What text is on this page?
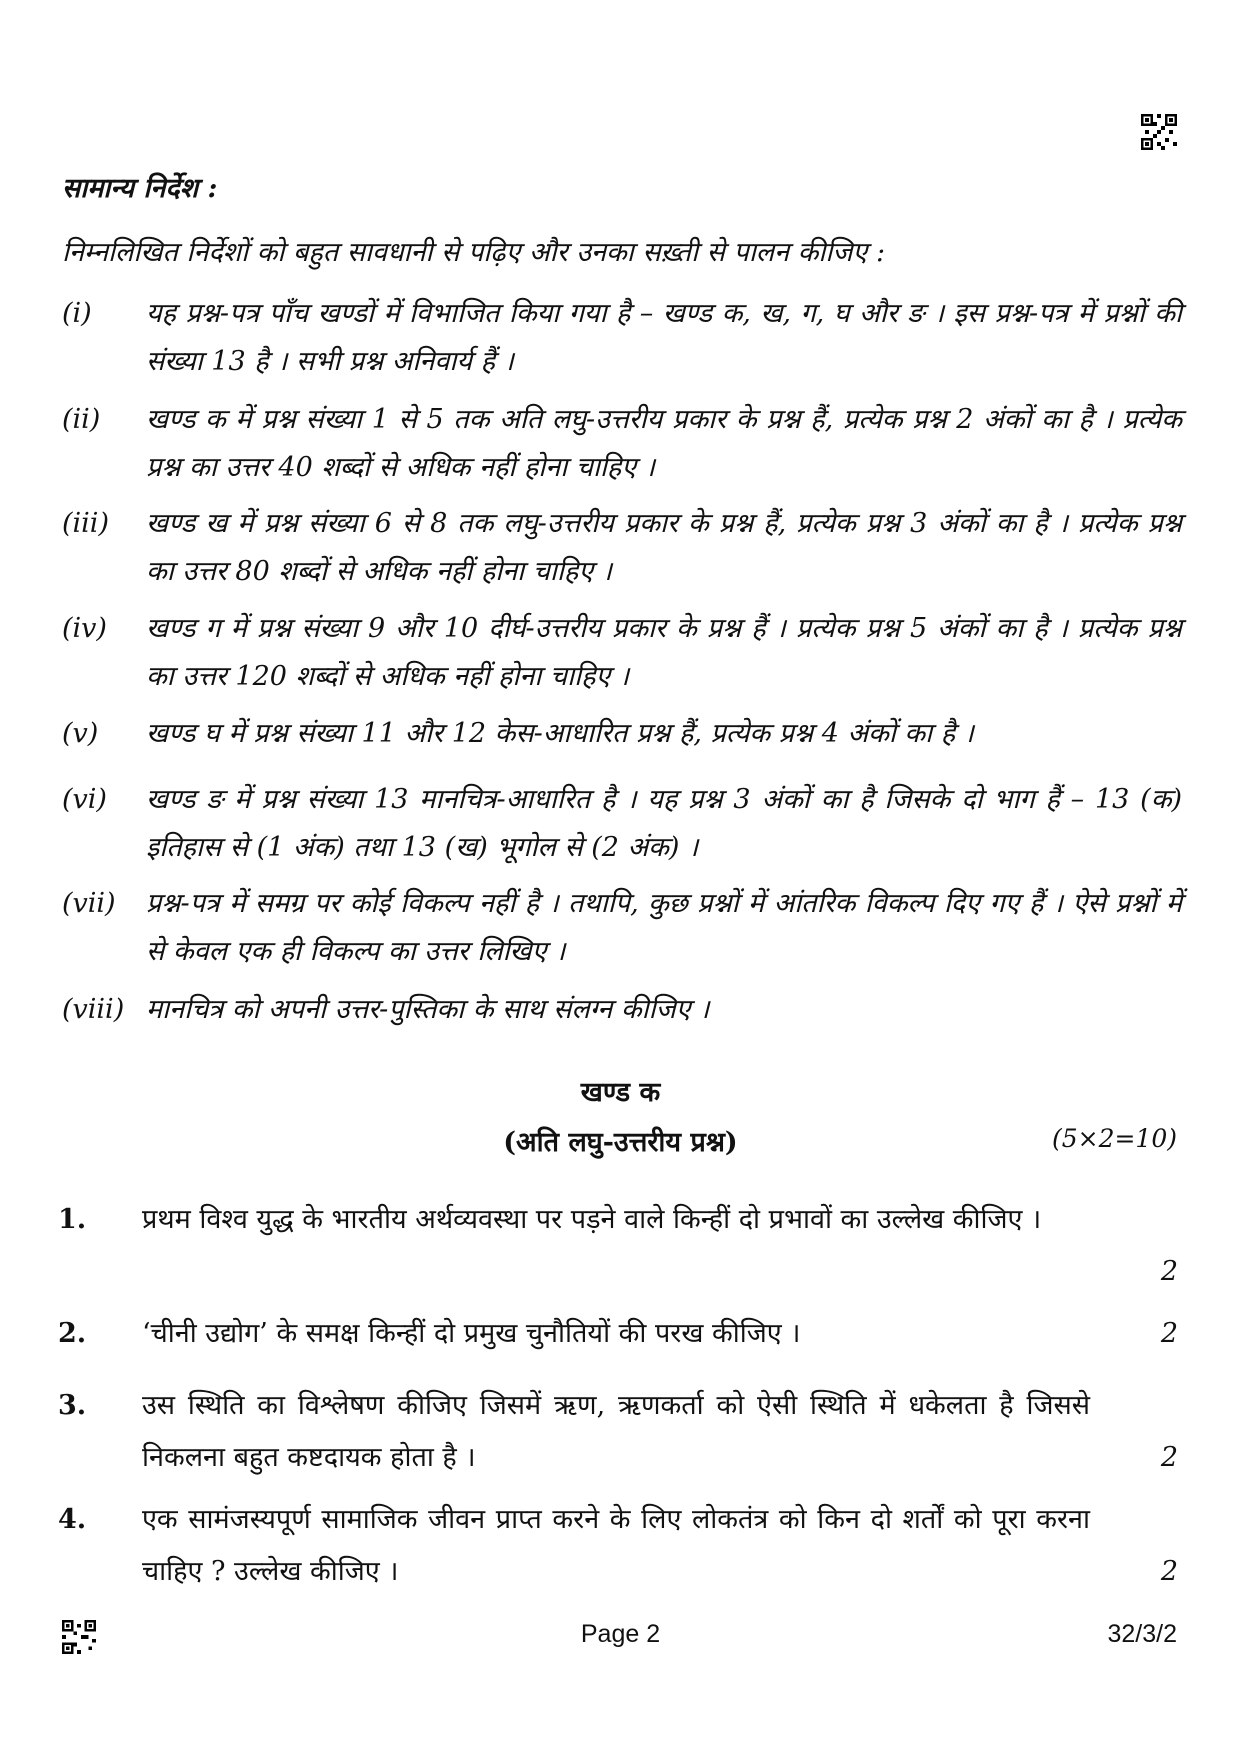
सामान्य निर्देश :
निम्नलिखित निर्देशों को बहुत सावधानी से पढ़िए और उनका सख़्ती से पालन कीजिए :
(i)	यह प्रश्न-पत्र पाँच खण्डों में विभाजित किया गया है – खण्ड क, ख, ग, घ और ङ । इस प्रश्न-पत्र में प्रश्नों की संख्या 13 है । सभी प्रश्न अनिवार्य हैं ।
(ii)	खण्ड क में प्रश्न संख्या 1 से 5 तक अति लघु-उत्तरीय प्रकार के प्रश्न हैं, प्रत्येक प्रश्न 2 अंकों का है । प्रत्येक प्रश्न का उत्तर 40 शब्दों से अधिक नहीं होना चाहिए ।
(iii)	खण्ड ख में प्रश्न संख्या 6 से 8 तक लघु-उत्तरीय प्रकार के प्रश्न हैं, प्रत्येक प्रश्न 3 अंकों का है । प्रत्येक प्रश्न का उत्तर 80 शब्दों से अधिक नहीं होना चाहिए ।
(iv)	खण्ड ग में प्रश्न संख्या 9 और 10 दीर्घ-उत्तरीय प्रकार के प्रश्न हैं । प्रत्येक प्रश्न 5 अंकों का है । प्रत्येक प्रश्न का उत्तर 120 शब्दों से अधिक नहीं होना चाहिए ।
(v)	खण्ड घ में प्रश्न संख्या 11 और 12 केस-आधारित प्रश्न हैं, प्रत्येक प्रश्न 4 अंकों का है ।
(vi)	खण्ड ङ में प्रश्न संख्या 13 मानचित्र-आधारित है । यह प्रश्न 3 अंकों का है जिसके दो भाग हैं – 13 (क) इतिहास से (1 अंक) तथा 13 (ख) भूगोल से (2 अंक) ।
(vii)	प्रश्न-पत्र में समग्र पर कोई विकल्प नहीं है । तथापि, कुछ प्रश्नों में आंतरिक विकल्प दिए गए हैं । ऐसे प्रश्नों में से केवल एक ही विकल्प का उत्तर लिखिए ।
(viii) मानचित्र को अपनी उत्तर-पुस्तिका के साथ संलग्न कीजिए ।
खण्ड क
(अति लघु-उत्तरीय प्रश्न)	(5×2=10)
1. प्रथम विश्व युद्ध के भारतीय अर्थव्यवस्था पर पड़ने वाले किन्हीं दो प्रभावों का उल्लेख कीजिए ।
2
2. ‘चीनी उद्योग’ के समक्ष किन्हीं दो प्रमुख चुनौतियों की परख कीजिए ।	2
3. उस स्थिति का विश्लेषण कीजिए जिसमें ऋण, ऋणकर्ता को ऐसी स्थिति में धकेलता है जिससे निकलना बहुत कष्टदायक होता है ।	2
4. एक सामंजस्यपूर्ण सामाजिक जीवन प्राप्त करने के लिए लोकतंत्र को किन दो शर्तों को पूरा करना चाहिए ? उल्लेख कीजिए ।	2
Page 2	32/3/2
